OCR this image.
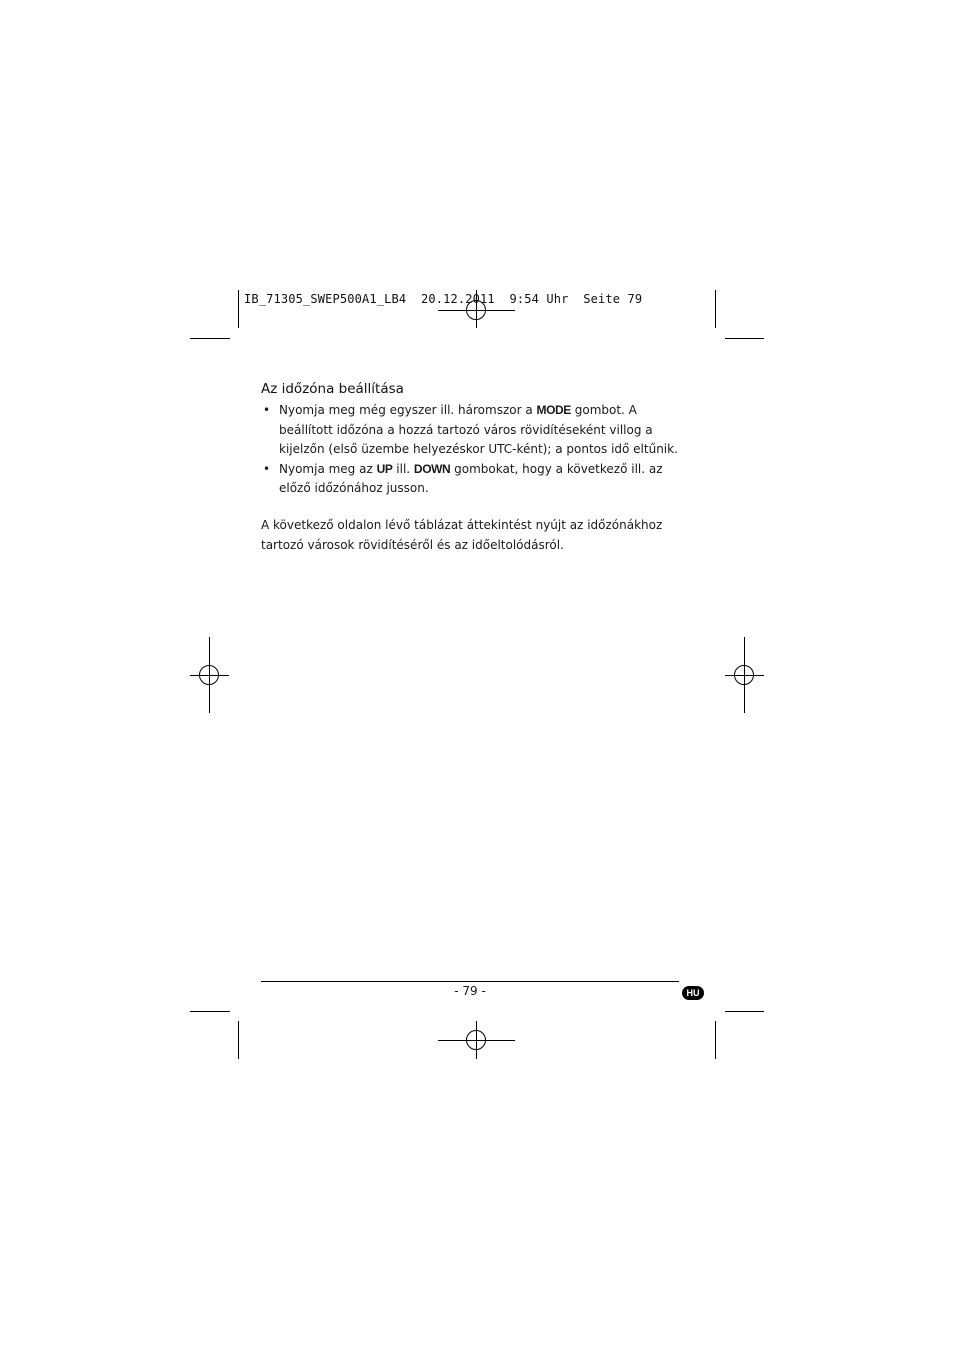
IB_71305_SWEP500A1_LB4  20.12.2011  9:54 Uhr  Seite 79
Az időzóna beállítása
• Nyomja meg még egyszer ill. háromszor a MODE gombot. A beállított időzóna a hozzá tartozó város rövidítéseként villog a kijelzőn (első üzembe helyezéskor UTC-ként); a pontos idő eltűnik.
• Nyomja meg az UP ill. DOWN gombokat, hogy a következő ill. az előző időzónához jusson.

A következő oldalon lévő táblázat áttekintést nyújt az időzónákhoz tartozó városok rövidítéséről és az időeltolódásról.

- 79 -	HU
